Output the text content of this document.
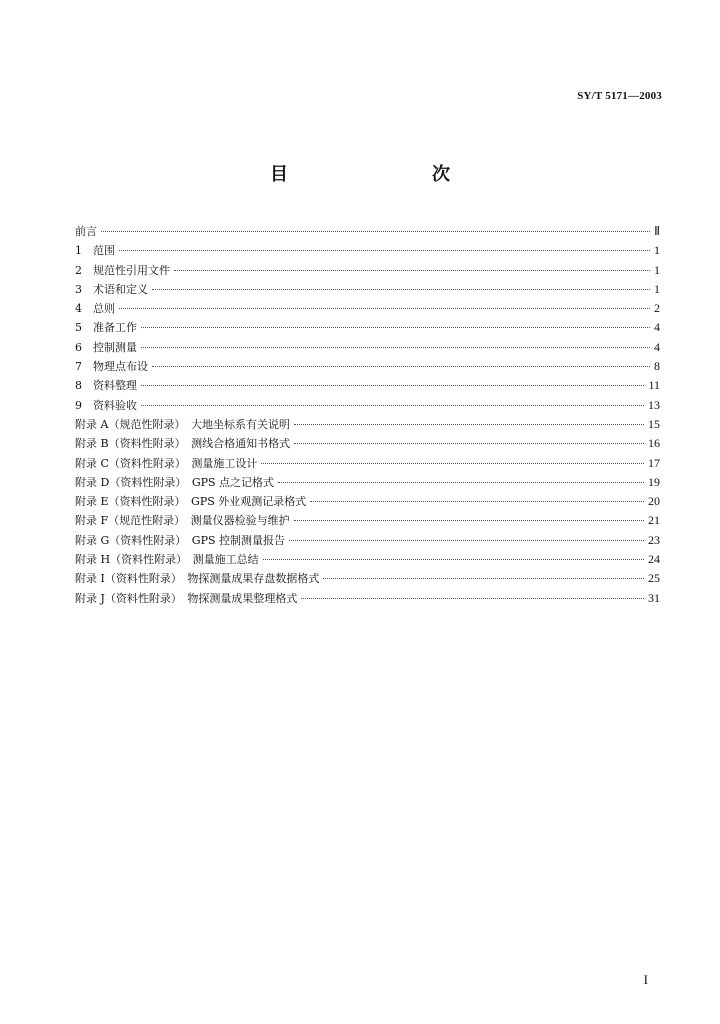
SY/T 5171—2003
目　　次
前言	Ⅱ
1　范围	1
2　规范性引用文件	1
3　术语和定义	1
4　总则	2
5　准备工作	4
6　控制测量	4
7　物理点布设	8
8　资料整理	11
9　资料验收	13
附录 A（规范性附录）　大地坐标系有关说明	15
附录 B（资料性附录）　测线合格通知书格式	16
附录 C（资料性附录）　测量施工设计	17
附录 D（资料性附录）　GPS 点之记格式	19
附录 E（资料性附录）　GPS 外业观测记录格式	20
附录 F（规范性附录）　测量仪器检验与维护	21
附录 G（资料性附录）　GPS 控制测量报告	23
附录 H（资料性附录）　测量施工总结	24
附录 I（资料性附录）　物探测量成果存盘数据格式	25
附录 J（资料性附录）　物探测量成果整理格式	31
I
